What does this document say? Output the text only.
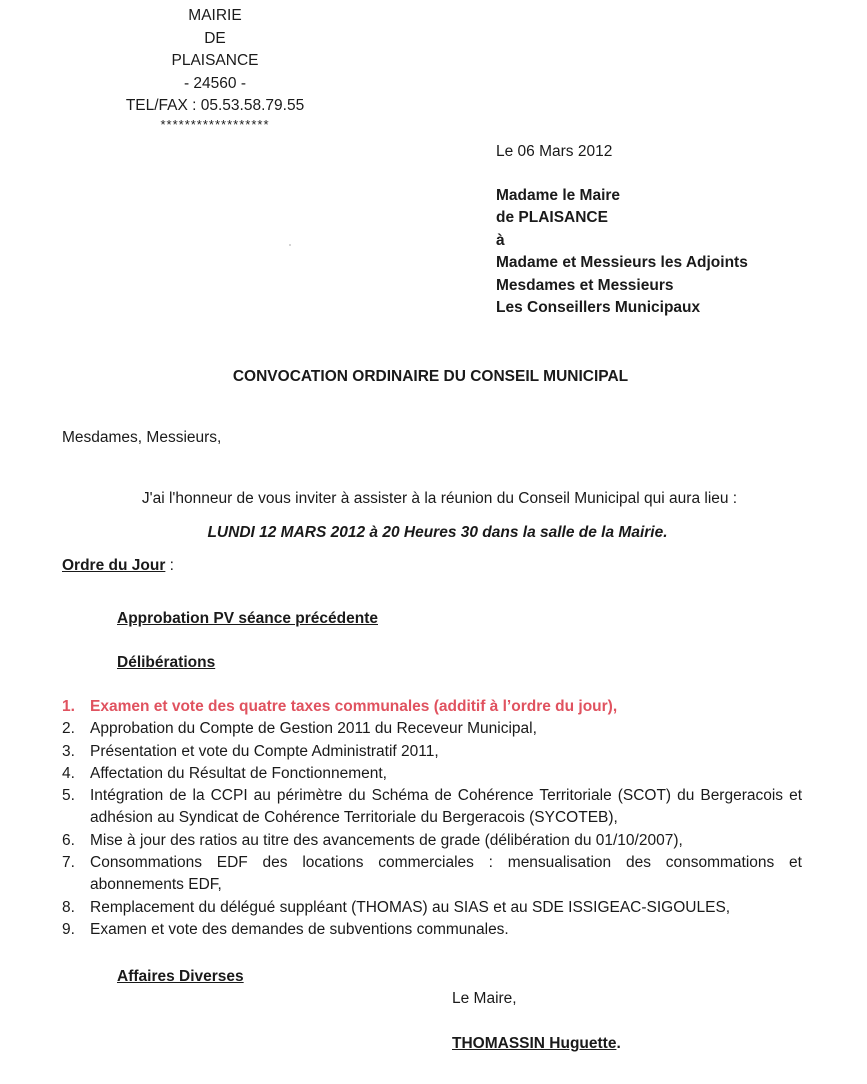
MAIRIE
DE
PLAISANCE
- 24560 -
TEL/FAX : 05.53.58.79.55
******************
Le 06 Mars 2012
Madame le Maire
de PLAISANCE
à
Madame et Messieurs les Adjoints
Mesdames et Messieurs
Les Conseillers Municipaux
CONVOCATION ORDINAIRE DU CONSEIL MUNICIPAL
Mesdames, Messieurs,
J'ai l'honneur de vous inviter à assister à la réunion du Conseil Municipal qui aura lieu :
LUNDI 12 MARS 2012 à 20 Heures 30 dans la salle de la Mairie.
Ordre du Jour :
Approbation PV séance précédente
Délibérations
1. Examen et vote des quatre taxes communales (additif à l’ordre du jour),
2. Approbation du Compte de Gestion 2011 du Receveur Municipal,
3. Présentation et vote du Compte Administratif 2011,
4. Affectation du Résultat de Fonctionnement,
5. Intégration de la CCPI au périmètre du Schéma de Cohérence Territoriale (SCOT) du Bergeracois et adhésion au Syndicat de Cohérence Territoriale du Bergeracois (SYCOTEB),
6. Mise à jour des ratios au titre des avancements de grade (délibération du 01/10/2007),
7. Consommations EDF des locations commerciales : mensualisation des consommations et abonnements EDF,
8. Remplacement du délégué suppléant (THOMAS) au SIAS et au SDE ISSIGEAC-SIGOULES,
9. Examen et vote des demandes de subventions communales.
Affaires Diverses
Le Maire,
THOMASSIN Huguette.
